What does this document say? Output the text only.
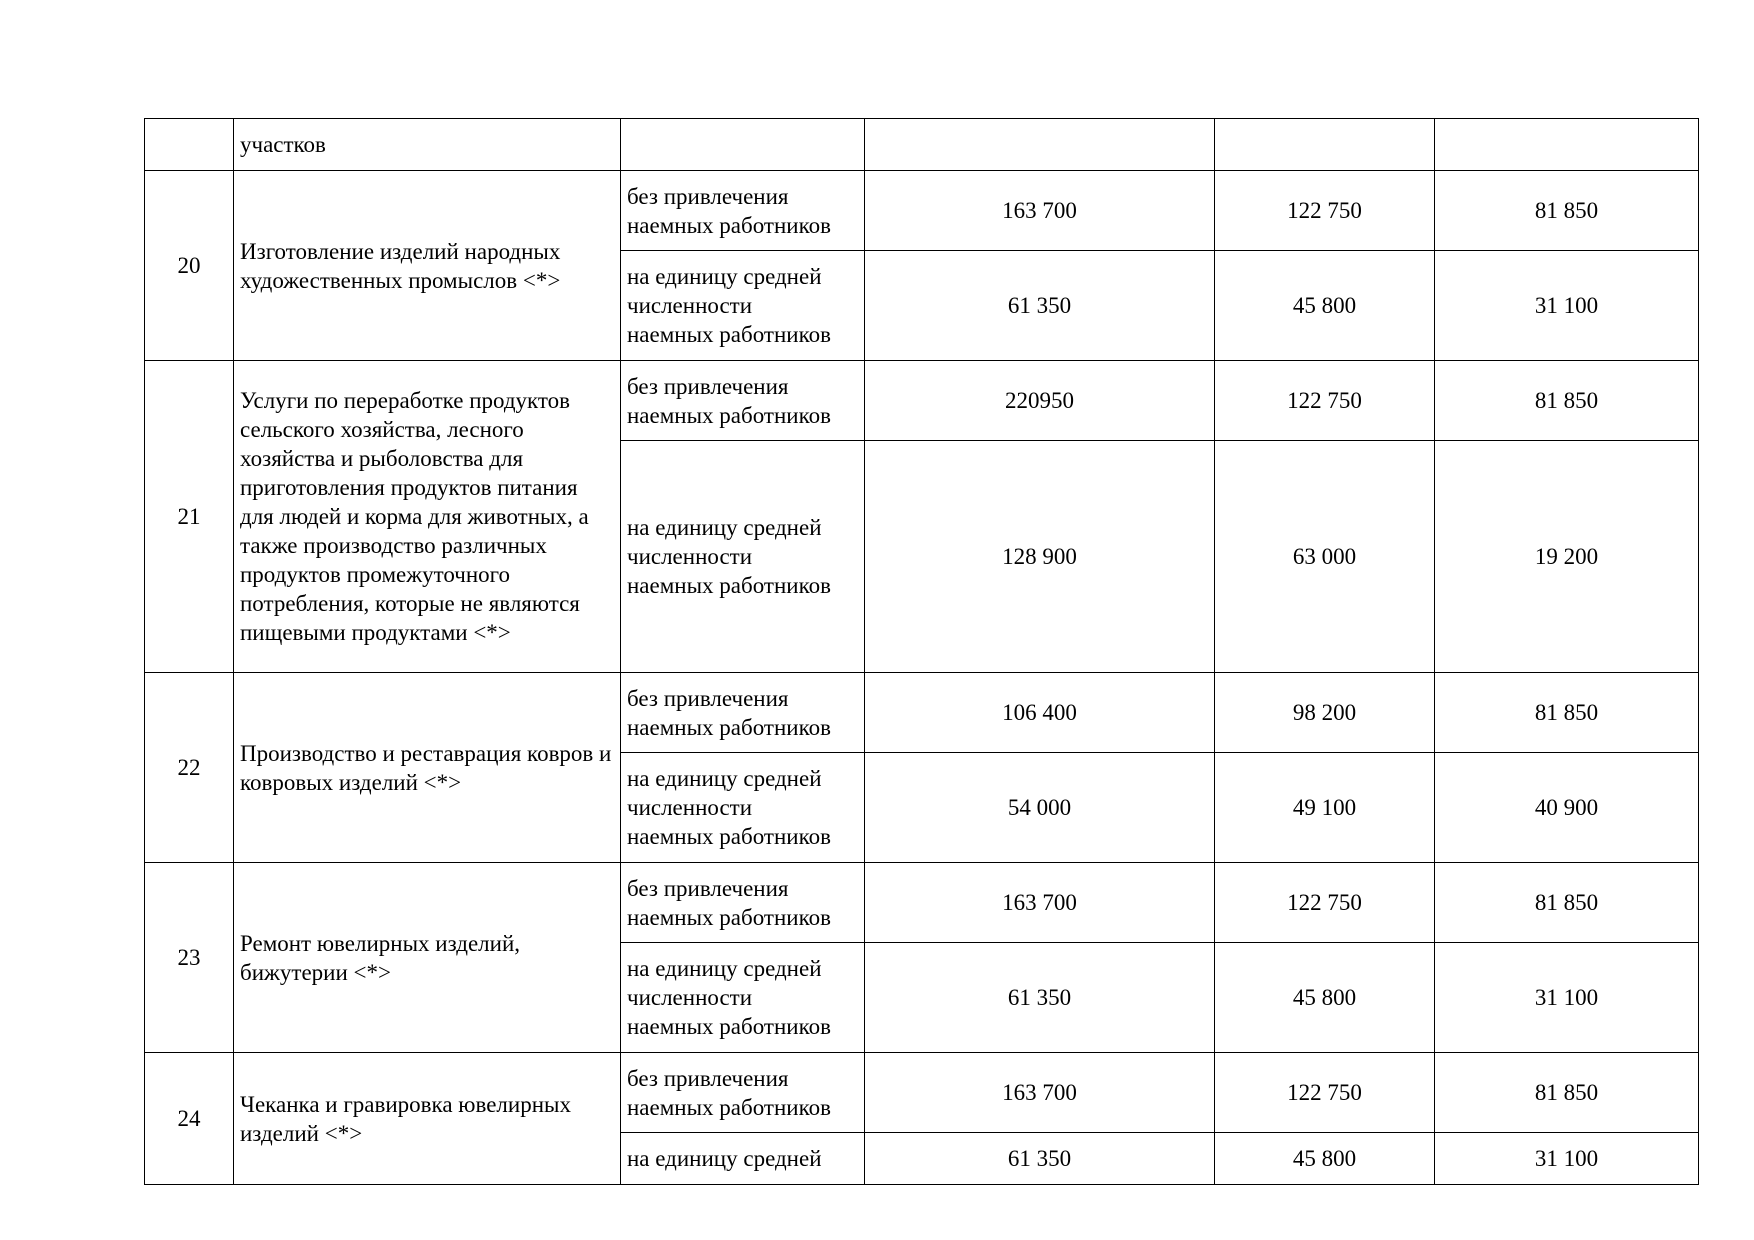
	участков				
20	Изготовление изделий народных художественных промыслов <*>	без привлечения
наемных работников	163 700	122 750	81 850
		на единицу средней
численности
наемных работников	61 350	45 800	31 100
21	Услуги по переработке продуктов сельского хозяйства, лесного хозяйства и рыболовства для приготовления продуктов питания для людей и корма для животных, а также производство различных продуктов промежуточного потребления, которые не являются пищевыми продуктами <*>	без привлечения
наемных работников	220950	122 750	81 850
		на единицу средней
численности
наемных работников	128 900	63 000	19 200
22	Производство и реставрация ковров и ковровых изделий <*>	без привлечения
наемных работников	106 400	98 200	81 850
		на единицу средней
численности
наемных работников	54 000	49 100	40 900
23	Ремонт ювелирных изделий, бижутерии <*>	без привлечения
наемных работников	163 700	122 750	81 850
		на единицу средней
численности
наемных работников	61 350	45 800	31 100
24	Чеканка и гравировка ювелирных изделий <*>	без привлечения
наемных работников	163 700	122 750	81 850
		на единицу средней	61 350	45 800	31 100
